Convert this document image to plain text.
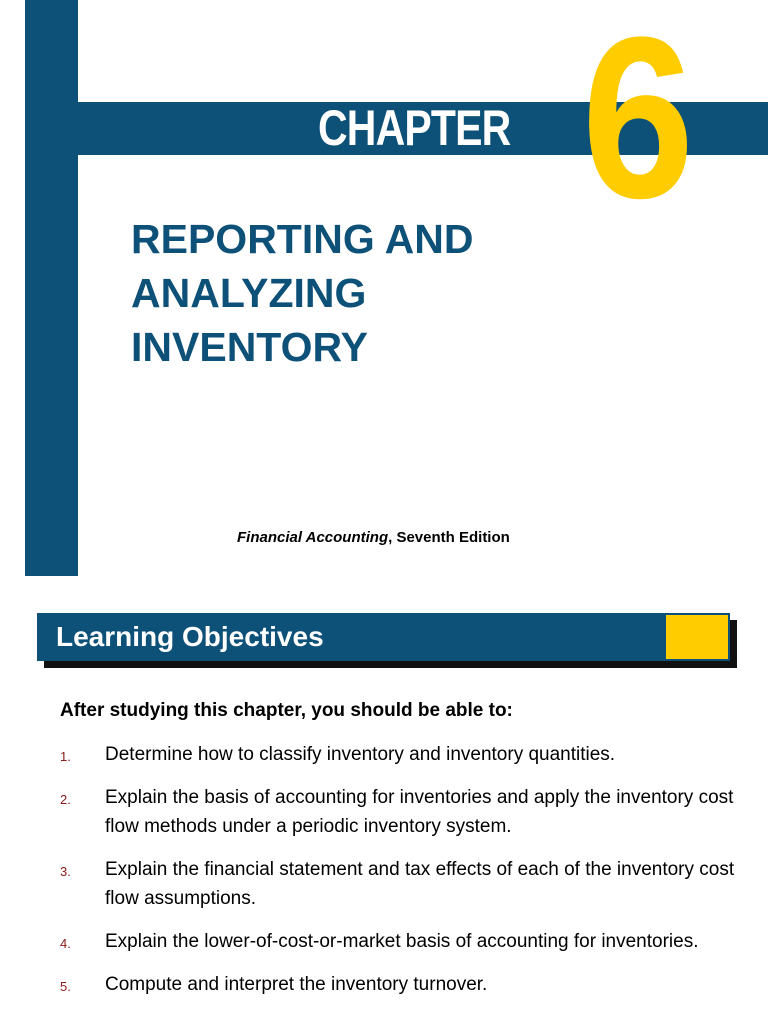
CHAPTER 6
REPORTING AND
ANALYZING
INVENTORY
Financial Accounting, Seventh Edition
Learning Objectives
After studying this chapter, you should be able to:
1. Determine how to classify inventory and inventory quantities.
2. Explain the basis of accounting for inventories and apply the inventory cost flow methods under a periodic inventory system.
3. Explain the financial statement and tax effects of each of the inventory cost flow assumptions.
4. Explain the lower-of-cost-or-market basis of accounting for inventories.
5. Compute and interpret the inventory turnover.
